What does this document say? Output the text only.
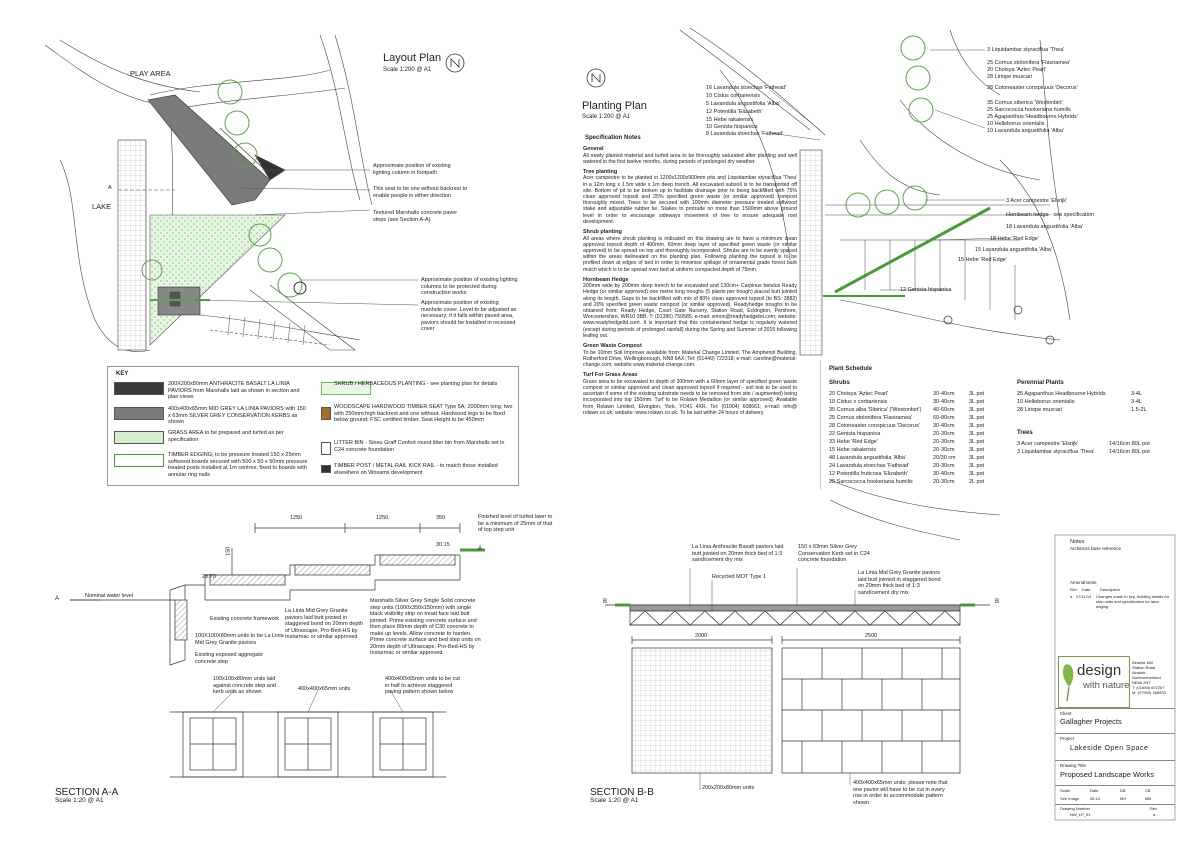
Layout Plan
Scale 1:200 @ A1
PLAY AREA
LAKE
A
Approximate position of existing lighting column in footpath
This seat to be one without backrest to enable people in either direction
Textured Marshalls concrete paver steps (see Section A-A)
Approximate position of existing lighting columns to be protected during construction works
Approximate position of existing manhole cover. Level to be adjusted as necessary; if it falls within paved area, paviors should be installed in recessed cover
KEY
200X200x80mm ANTHRACITE BASALT LA LINIA PAVIORS from Marshalls laid as shown in section and plan views
400x400x65mm MID GREY LA LINIA PAVIORS with 150 x 63mm SILVER GREY CONSERVATION KERBS as shown
GRASS AREA to be prepared and turfed as per specification
TIMBER EDGING; to be pressure treated 150 x 25mm softwood boards secured with 500 x 50 x 50mm pressure treated posts installed at 1m centres; fixed to boards with annular ring nails
SHRUB / HERBACEOUS PLANTING - see planting plan for details
WOODSCAPE HARDWOOD TIMBER SEAT Type 5A; 2000mm long; two with 250mm high backrest and one without. Hardwood legs to be fixed below ground; FSC certified timber. Seat Height to be 450mm
LITTER BIN - Sineu Graff Confort round litter bin from Marshalls set in C24 concrete foundation
TIMBER POST / METAL RAIL KICK RAIL - to match those installed elsewhere on Woxams development
Planting Plan
Scale 1:200 @ A1
16 Lavandula stoechas 'Fathead'
10 Cistus corbariensis
5 Lavandula angustifolia 'Alba'
12 Potentilla 'Elizabeth'
15 Hebe rakaiensis
10 Genista hispanica
8 Lavandula stoechas 'Fathead'
3 Liquidambar styraciflua 'Thea'
25 Cornus stolonifera 'Flaviramea'
20 Choisya 'Aztec Pearl'
28 Liriope muscari
28 Cotoneaster conspicuus 'Decorus'
35 Cornus siberica 'Westonbirt'
25 Sarcococca hookeriana humilis
25 Agapanthus 'Headbourne Hybrids'
10 Helleborus orientalis
10 Lavandula angustifolia 'Alba'
3 Acer campestre 'Elsrijk'
Hornbeam hedge - see specification
18 Lavandula angustifolia 'Alba'
18 Hebe 'Red Edge'
15 Lavandula angustifolia 'Alba'
15 Hebe 'Red Edge'
12 Genista hispanica
Specification Notes
General
All newly planted material and turfed area to be thoroughly saturated after planting and well watered in the first twelve months, during periods of prolonged dry weather.
Tree planting
Acer campestre to be planted in 1200x1200x900mm pits and Liquidambar styraciflua 'Thea' in a 12m long x 1.5m wide x 1m deep trench. All excavated subsoil is to be transported off site. Bottom of pit to be broken up to facilitate drainage prior to being backfilled with 75% clean approved topsoil and 25% specified green waste (or similar approved) compost thoroughly mixed. Trees to be secured with 100mm diameter pressure treated softwood stake and adjustable rubber tie. Stakes to protrude no more than 1500mm above ground level in order to encourage sideways movement of tree to ensure adequate root development.
Shrub planting
All areas where shrub planting is indicated on this drawing are to have a minimum clean approved topsoil depth of 400mm. 60mm deep layer of specified green waste (or similar approved) to be spread on top and thoroughly incorporated. Shrubs are to be evenly spaced within the areas delineated on the planting plan. Following planting the topsoil is to be profiled down at edges of bed in order to minimise spillage of ornamental grade forest bark mulch which is to be spread over bed at uniform compacted depth of 75mm.
Hornbeam Hedge
200mm wide by 200mm deep trench to be excavated and 130cm+ Carpinus betulus Ready Hedge (or similar approved) one metre long troughs (5 plants per trough) placed butt jointed along its length. Gaps to be backfilled with mix of 80% clean approved topsoil (to BS: 3882) and 20% specified green waste compost (or similar approved). Readyhedge troughs to be obtained from: Ready Hedge, Court Gate Nursery, Station Road, Eckington, Pershore, Worcestershire, WR10 3BB. T: (01386) 750585; e-mail: simon@readyhedgeltd.com; website: www.readyhedgeltd.com. It is important that this containerised hedge is regularly watered (except during periods of prolonged rainfall) during the Spring and Summer of 2015 following leafing out.
Green Waste Compost
To be 10mm Soil Improver available from: Material Change Limited, The Amphenol Building, Rutherford Drive, Wellingborough, NN8 6AX; Tel: (01449) 722318; e-mail: caroline@material-change.com; website www.material-change.com.
Turf For Grass Areas
Grass area to be excavated to depth of 300mm with a 60mm layer of specified green waste compost or similar approved and clean approved topsoil if required - soil test to be used to ascertain if some of the existing substrate needs to be removed from site / augmented) being incorporated into top 150mm. Turf to be Rolawn Medallion (or similar approved). Available from Rolawn Limited, Elvington, York, YO41 4XR. Tel: (01904) 608661; e-mail: info@ rolawn.co.uk; website: www.rolawn.co.uk. To be laid within 24 hours of delivery.
Plant Schedule
Shrubs	Perennial Plants
Trees
20 Choisya 'Aztec Pearl'	30-40cm	3L pot
10 Cistus x corbariensis	30-40cm	3L pot
35 Cornus alba 'Sibirica' ('Westonbirt') 40-60cm	3L pot
25 Cornus stolonifera 'Flaviramea'	60-80cm	3L pot
28 Cotoneaster conspicuus 'Decorus' 30-40cm	3L pot
22 Genista hispanica	20-30cm	3L pot
33 Hebe 'Red Edge'	20-30cm	3L pot
15 Hebe rakaiensis	20-30cm	3L pot
48 Lavandula angustifolia 'Alba'	20/30 cm 3L pot
24 Lavandula stoechas 'Fathead'	20-30cm	3L pot
12 Potentilla fruticosa 'Elizabeth'	30-40cm	3L pot
25 Sarcococca hookeriana humilis	20-30cm	2L pot
25 Agapanthus Headbourne Hybrids	3-4L
10 Helleborus orientalis	3-4L
28 Liriope muscari	1.5-2L
3 Acer campestre 'Elsrijk'	14/16cm 80L pot
3 Liquidambar styraciflua 'Thea'	14/16cm 80L pot
1250	1250	350
150
30.15
29.70
A
A
Finished level of turfed lawn to be a minimum of 25mm of that of top step unit
Nominal water level
Existing concrete framework
100X100X80mm units to be La Linia Mid Grey Granite paviors
Existing exposed aggregate concrete step
La Linia Mid Grey Granite paviors laid butt jointed in staggered bond on 20mm depth of Ultrascape, Pro-Bed-HS by Instarmac or similar approved
Marshalls Silver Grey Single Solid concrete step units (1000x350x150mm) with single black visibility strip on tread face laid butt jointed. Prime existing concrete surface and then place 80mm depth of C30 concrete to make up levels. Allow concrete to harden. Prime concrete surface and bed step units on 20mm depth of Ultrascape, Pro-Bed-HS by Instarmac or similar approved
100x100x80mm units laid against concrete step and kerb units as shown	400x400x65mm units
400x400x65mm units to be cut in half to achieve staggered paving pattern shown below
SECTION A-A
Scale 1:20 @ A1
B	B
2000	2500
La Linia Anthracite Basalt paviors laid butt jointed on 20mm thick bed of 1:3 sand/cement dry mix
150 x 63mm Silver Grey Conservation Kerb set in C24 concrete foundation
Recycled MOT Type 1
La Linia Mid Grey Granite paviors laid butt jointed in staggered bond on 20mm thick bed of 1:3 sand/cement dry mix
200x200x80mm units
400x400x65mm units; please note that one pavior will have to be cut in every row in order to accommodate pattern shown
SECTION B-B
Scale 1:20 @ A1
Notes
Architects base reference
Amendments
Rev Date Description
a 07/11/14 Changes made to key, building details for step units and specification for lawn edging
design
with nature
Alnwick Mill
Station Road
Alnwick
Northumberland
NE66 2NT
T: (01665) 607267
M: (07900) 268933
Client
Gallagher Projects
Project
Lakeside Open Space
Drawing Title
Proposed Landscape Works
Scale	Date	DB	CB
See Image	08.14	MH	MB
Drawing Number
NW_LP_01
Rev
a
